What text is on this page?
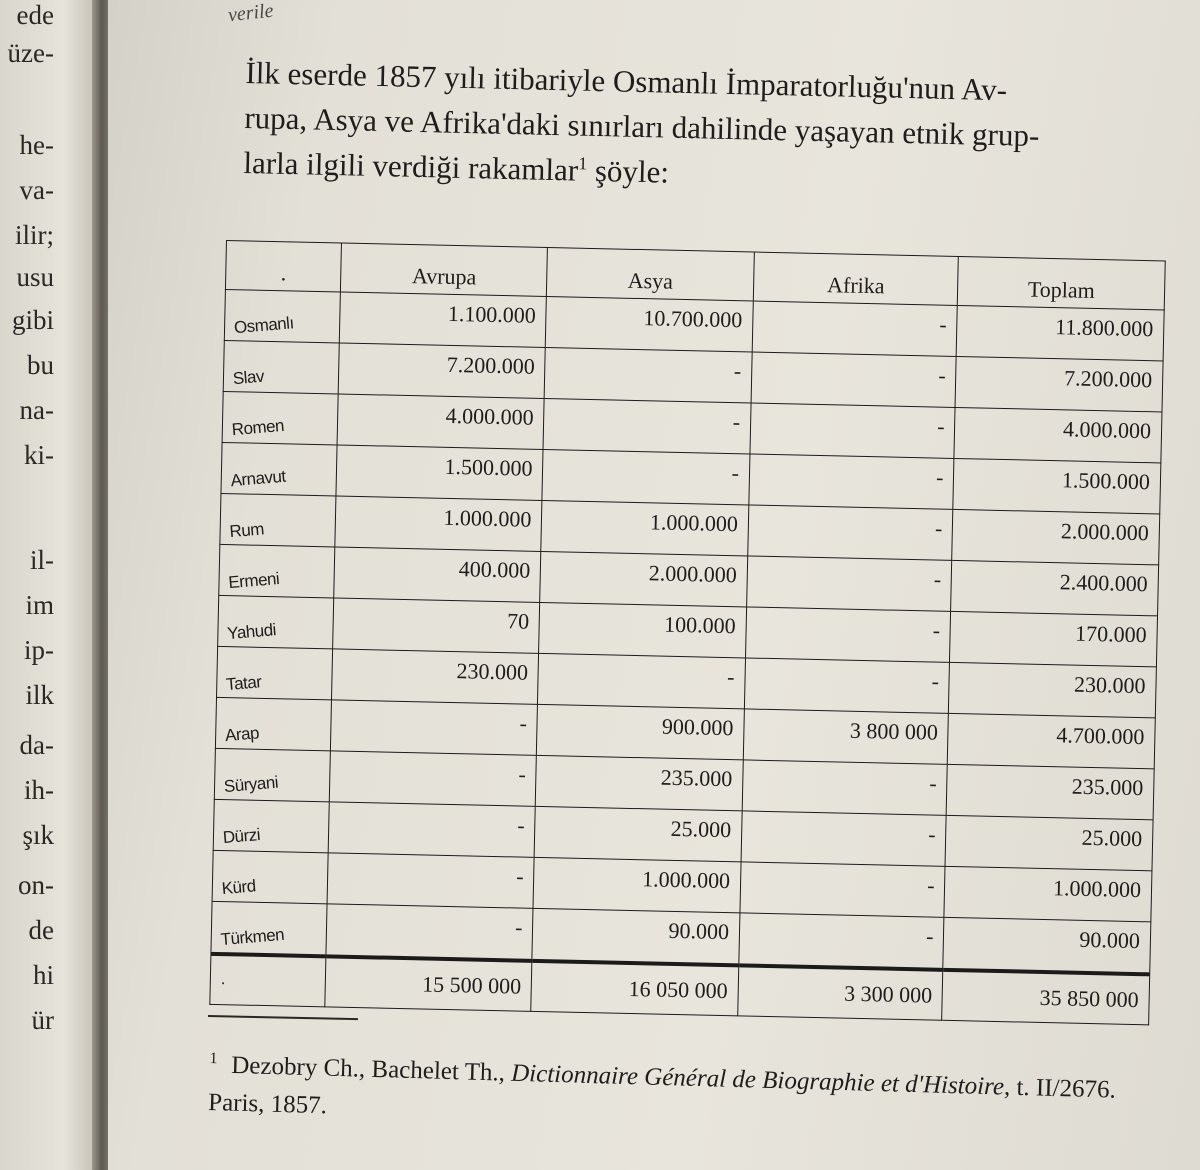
ede
üze-
he-
va-
ilir;
usu
gibi
bu
na-
ki-
il-
im
ip-
ilk
da-
ih-
şık
on-
de
hi
ür
verile

İlk eserde 1857 yılı itibariyle Osmanlı İmparatorluğu'nun Av-
rupa, Asya ve Afrika'daki sınırları dahilinde yaşayan etnik grup-
larla ilgili verdiği rakamlar$^1$ şöyle:

.	Avrupa	Asya	Afrika	Toplam
Osmanlı	1.100.000	10.700.000	-	11.800.000
Slav	7.200.000	-	-	7.200.000
Romen	4.000.000	-	-	4.000.000
Arnavut	1.500.000	-	-	1.500.000
Rum	1.000.000	1.000.000	-	2.000.000
Ermeni	400.000	2.000.000	-	2.400.000
Yahudi	70	100.000	-	170.000
Tatar	230.000	-	-	230.000
Arap	-	900.000	3 800 000	4.700.000
Süryani	-	235.000	-	235.000
Dürzi	-	25.000	-	25.000
Kürd	-	1.000.000	-	1.000.000
Türkmen	-	90.000	-	90.000
.	15 500 000	16 050 000	3 300 000	35 850 000

$^1$ Dezobry Ch., Bachelet Th., Dictionnaire Général de Biographie et d'Histoire, t. II/2676. Paris, 1857.
